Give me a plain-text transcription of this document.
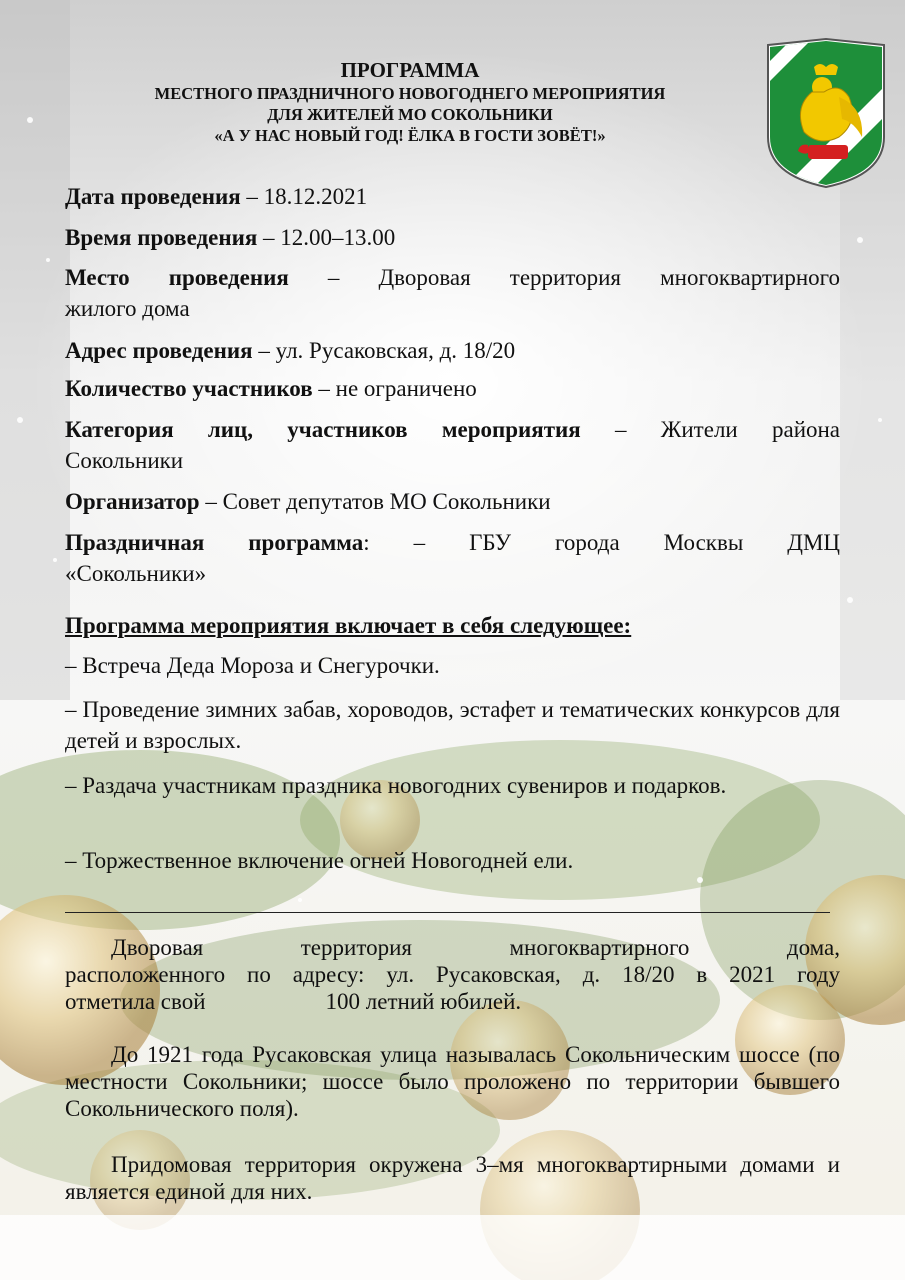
ПРОГРАММА
МЕСТНОГО ПРАЗДНИЧНОГО НОВОГОДНЕГО МЕРОПРИЯТИЯ
ДЛЯ ЖИТЕЛЕЙ МО СОКОЛЬНИКИ
«А У НАС НОВЫЙ ГОД! ЁЛКА В ГОСТИ ЗОВЁТ!»
Дата проведения – 18.12.2021
Время проведения – 12.00–13.00
Место проведения – Дворовая территория многоквартирного
жилого дома
Адрес проведения – ул. Русаковская, д. 18/20
Количество участников – не ограничено
Категория лиц, участников мероприятия – Жители района
Сокольники
Организатор – Совет депутатов МО Сокольники
Праздничная программа: – ГБУ города Москвы ДМЦ
«Сокольники»
Программа мероприятия включает в себя следующее:
– Встреча Деда Мороза и Снегурочки.
– Проведение зимних забав, хороводов, эстафет и тематических конкурсов для детей и взрослых.
– Раздача участникам праздника новогодних сувениров и подарков.
– Торжественное включение огней Новогодней ели.
Дворовая территория многоквартирного дома,
расположенного по адресу: ул. Русаковская, д. 18/20 в 2021 году
отметила свой	100 летний юбилей.
До 1921 года Русаковская улица называлась Сокольническим шоссе (по местности Сокольники; шоссе было проложено по территории бывшего Сокольнического поля).
Придомовая территория окружена 3–мя многоквартирными домами и является единой для них.
